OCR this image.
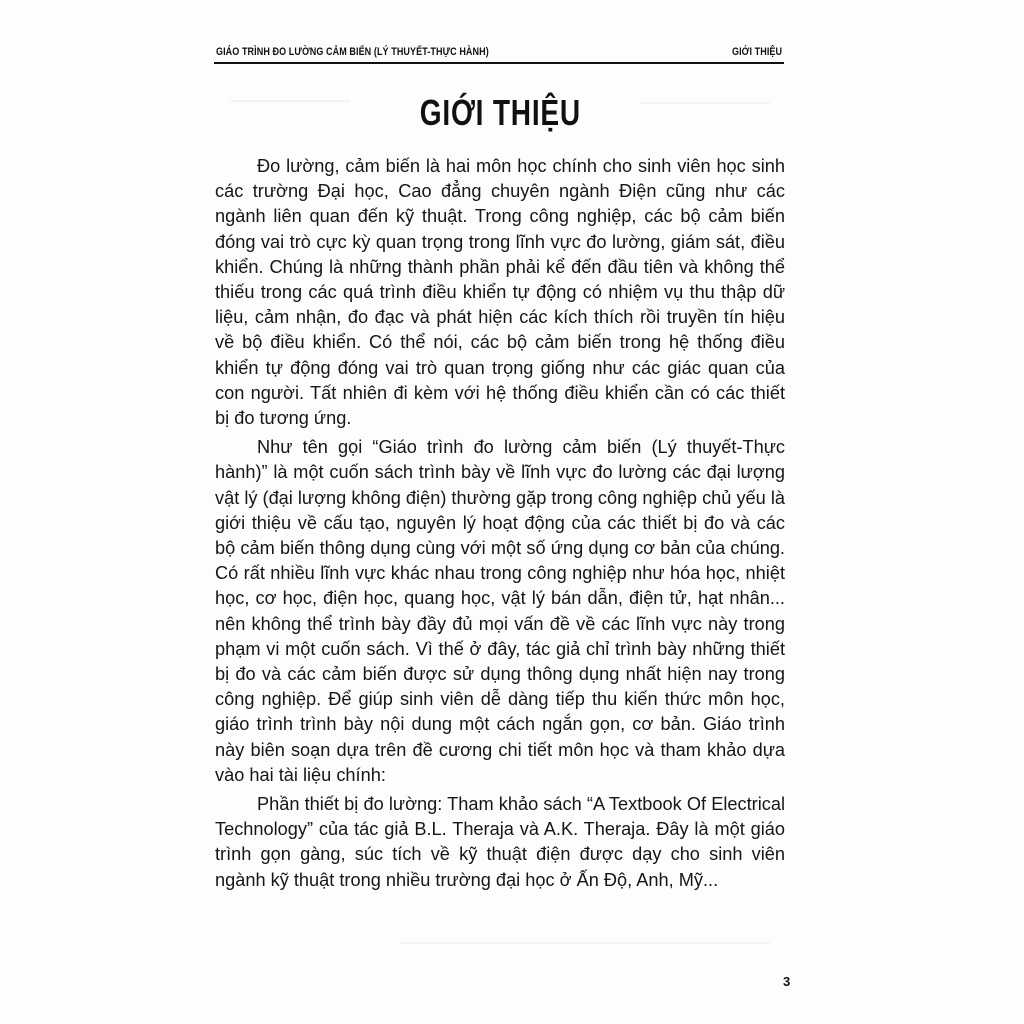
GIÁO TRÌNH ĐO LƯỜNG CẢM BIẾN (LÝ THUYẾT-THỰC HÀNH)	GIỚI THIỆU
GIỚI THIỆU

Đo lường, cảm biến là hai môn học chính cho sinh viên học sinh các trường Đại học, Cao đẳng chuyên ngành Điện cũng như các ngành liên quan đến kỹ thuật. Trong công nghiệp, các bộ cảm biến đóng vai trò cực kỳ quan trọng trong lĩnh vực đo lường, giám sát, điều khiển. Chúng là những thành phần phải kể đến đầu tiên và không thể thiếu trong các quá trình điều khiển tự động có nhiệm vụ thu thập dữ liệu, cảm nhận, đo đạc và phát hiện các kích thích rồi truyền tín hiệu về bộ điều khiển. Có thể nói, các bộ cảm biến trong hệ thống điều khiển tự động đóng vai trò quan trọng giống như các giác quan của con người. Tất nhiên đi kèm với hệ thống điều khiển cần có các thiết bị đo tương ứng.

Như tên gọi “Giáo trình đo lường cảm biến (Lý thuyết-Thực hành)” là một cuốn sách trình bày về lĩnh vực đo lường các đại lượng vật lý (đại lượng không điện) thường gặp trong công nghiệp chủ yếu là giới thiệu về cấu tạo, nguyên lý hoạt động của các thiết bị đo và các bộ cảm biến thông dụng cùng với một số ứng dụng cơ bản của chúng. Có rất nhiều lĩnh vực khác nhau trong công nghiệp như hóa học, nhiệt học, cơ học, điện học, quang học, vật lý bán dẫn, điện tử, hạt nhân... nên không thể trình bày đầy đủ mọi vấn đề về các lĩnh vực này trong phạm vi một cuốn sách. Vì thế ở đây, tác giả chỉ trình bày những thiết bị đo và các cảm biến được sử dụng thông dụng nhất hiện nay trong công nghiệp. Để giúp sinh viên dễ dàng tiếp thu kiến thức môn học, giáo trình trình bày nội dung một cách ngắn gọn, cơ bản. Giáo trình này biên soạn dựa trên đề cương chi tiết môn học và tham khảo dựa vào hai tài liệu chính:

Phần thiết bị đo lường: Tham khảo sách “A Textbook Of Electrical Technology” của tác giả B.L. Theraja và A.K. Theraja. Đây là một giáo trình gọn gàng, súc tích về kỹ thuật điện được dạy cho sinh viên ngành kỹ thuật trong nhiều trường đại học ở Ấn Độ, Anh, Mỹ...

3
